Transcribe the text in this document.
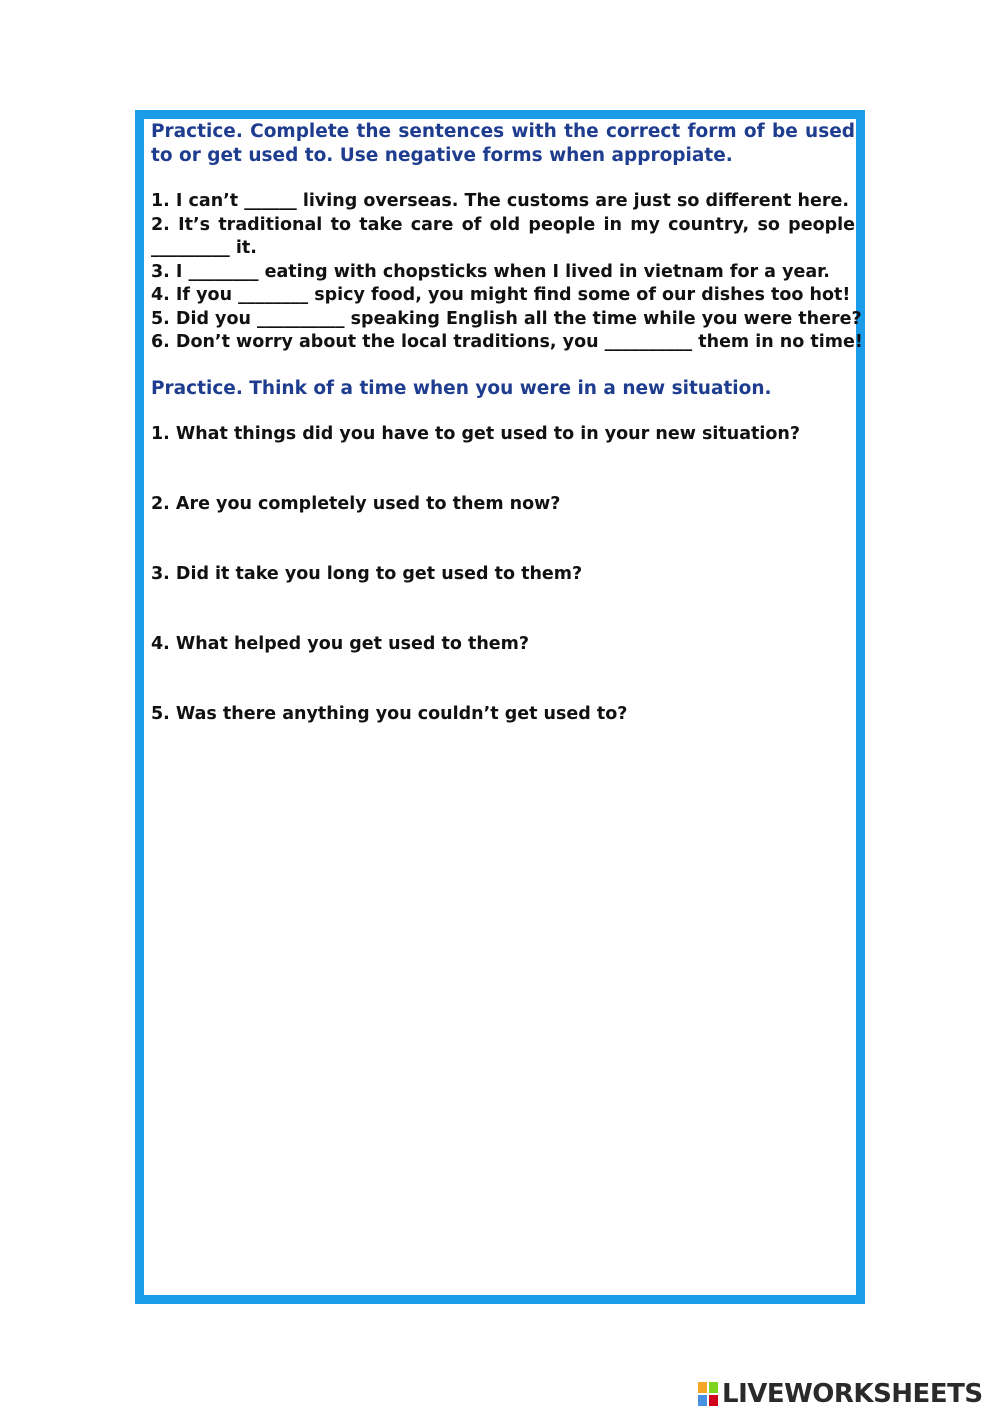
Practice. Complete the sentences with the correct form of be used to or get used to. Use negative forms when appropiate.

1. I can’t ______ living overseas. The customs are just so different here.
2. It’s traditional to take care of old people in my country, so people _________ it.
3. I ________ eating with chopsticks when I lived in vietnam for a year.
4. If you ________ spicy food, you might find some of our dishes too hot!
5. Did you __________ speaking English all the time while you were there?
6. Don’t worry about the local traditions, you __________ them in no time!

Practice. Think of a time when you were in a new situation.

1. What things did you have to get used to in your new situation?
2. Are you completely used to them now?
3. Did it take you long to get used to them?
4. What helped you get used to them?
5. Was there anything you couldn’t get used to?
LIVEWORKSHEETS
